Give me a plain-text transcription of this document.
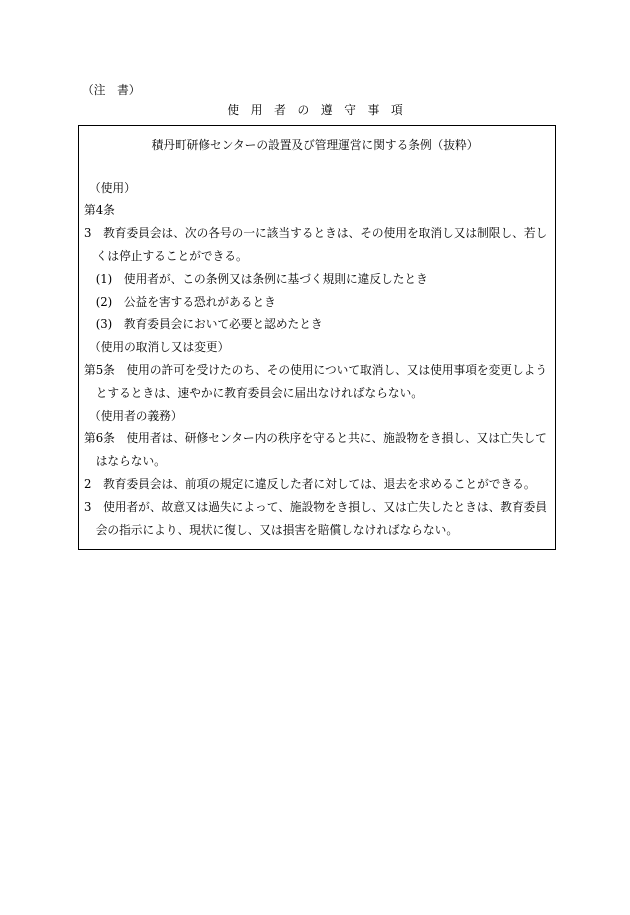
（注　書）
使　用　者　の　遵　守　事　項
積丹町研修センターの設置及び管理運営に関する条例（抜粋）
（使用）
第4条
3　教育委員会は、次の各号の一に該当するときは、その使用を取消し又は制限し、若し
くは停止することができる。
(1)　使用者が、この条例又は条例に基づく規則に違反したとき
(2)　公益を害する恐れがあるとき
(3)　教育委員会において必要と認めたとき
（使用の取消し又は変更）
第5条　使用の許可を受けたのち、その使用について取消し、又は使用事項を変更しよう
とするときは、速やかに教育委員会に届出なければならない。
（使用者の義務）
第6条　使用者は、研修センター内の秩序を守ると共に、施設物をき損し、又は亡失して
はならない。
2　教育委員会は、前項の規定に違反した者に対しては、退去を求めることができる。
3　使用者が、故意又は過失によって、施設物をき損し、又は亡失したときは、教育委員
会の指示により、現状に復し、又は損害を賠償しなければならない。
